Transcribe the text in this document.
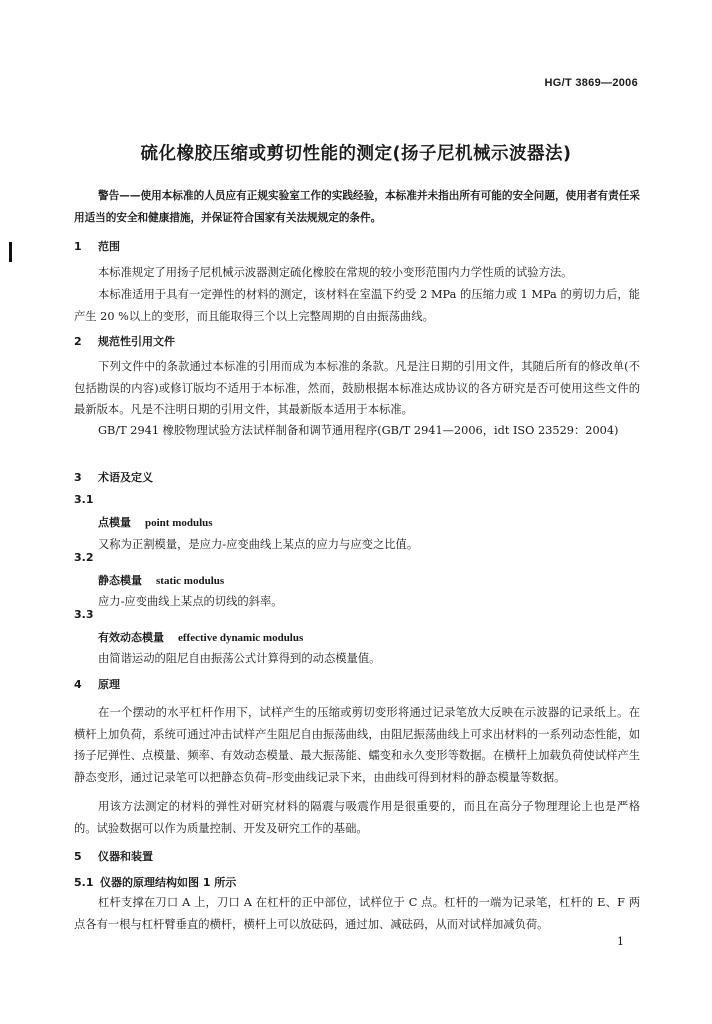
HG/T 3869—2006
硫化橡胶压缩或剪切性能的测定(扬子尼机械示波器法)
警告——使用本标准的人员应有正规实验室工作的实践经验，本标准并未指出所有可能的安全问题，使用者有责任采用适当的安全和健康措施，并保证符合国家有关法规规定的条件。
1 范围
本标准规定了用扬子尼机械示波器测定硫化橡胶在常规的较小变形范围内力学性质的试验方法。
本标准适用于具有一定弹性的材料的测定，该材料在室温下约受 2 MPa 的压缩力或 1 MPa 的剪切力后，能产生 20 %以上的变形，而且能取得三个以上完整周期的自由振荡曲线。
2 规范性引用文件
下列文件中的条款通过本标准的引用而成为本标准的条款。凡是注日期的引用文件，其随后所有的修改单(不包括勘误的内容)或修订版均不适用于本标准，然而，鼓励根据本标准达成协议的各方研究是否可使用这些文件的最新版本。凡是不注明日期的引用文件，其最新版本适用于本标准。
GB/T 2941 橡胶物理试验方法试样制备和调节通用程序(GB/T 2941—2006，idt ISO 23529：2004)
3 术语及定义
3.1
点模量 point modulus
又称为正割模量，是应力-应变曲线上某点的应力与应变之比值。
3.2
静态模量 static modulus
应力-应变曲线上某点的切线的斜率。
3.3
有效动态模量 effective dynamic modulus
由简谐运动的阻尼自由振荡公式计算得到的动态模量值。
4 原理
在一个摆动的水平杠杆作用下，试样产生的压缩或剪切变形将通过记录笔放大反映在示波器的记录纸上。在横杆上加负荷，系统可通过冲击试样产生阻尼自由振荡曲线，由阻尼振荡曲线上可求出材料的一系列动态性能，如扬子尼弹性、点模量、频率、有效动态模量、最大振荡能、蠕变和永久变形等数据。在横杆上加载负荷使试样产生静态变形，通过记录笔可以把静态负荷–形变曲线记录下来，由曲线可得到材料的静态模量等数据。
用该方法测定的材料的弹性对研究材料的隔震与吸震作用是很重要的，而且在高分子物理理论上也是严格的。试验数据可以作为质量控制、开发及研究工作的基础。
5 仪器和装置
5.1 仪器的原理结构如图 1 所示
杠杆支撑在刀口 A 上，刀口 A 在杠杆的正中部位，试样位于 C 点。杠杆的一端为记录笔，杠杆的 E、F 两点各有一根与杠杆臂垂直的横杆，横杆上可以放砝码，通过加、减砝码，从而对试样加减负荷。
1
